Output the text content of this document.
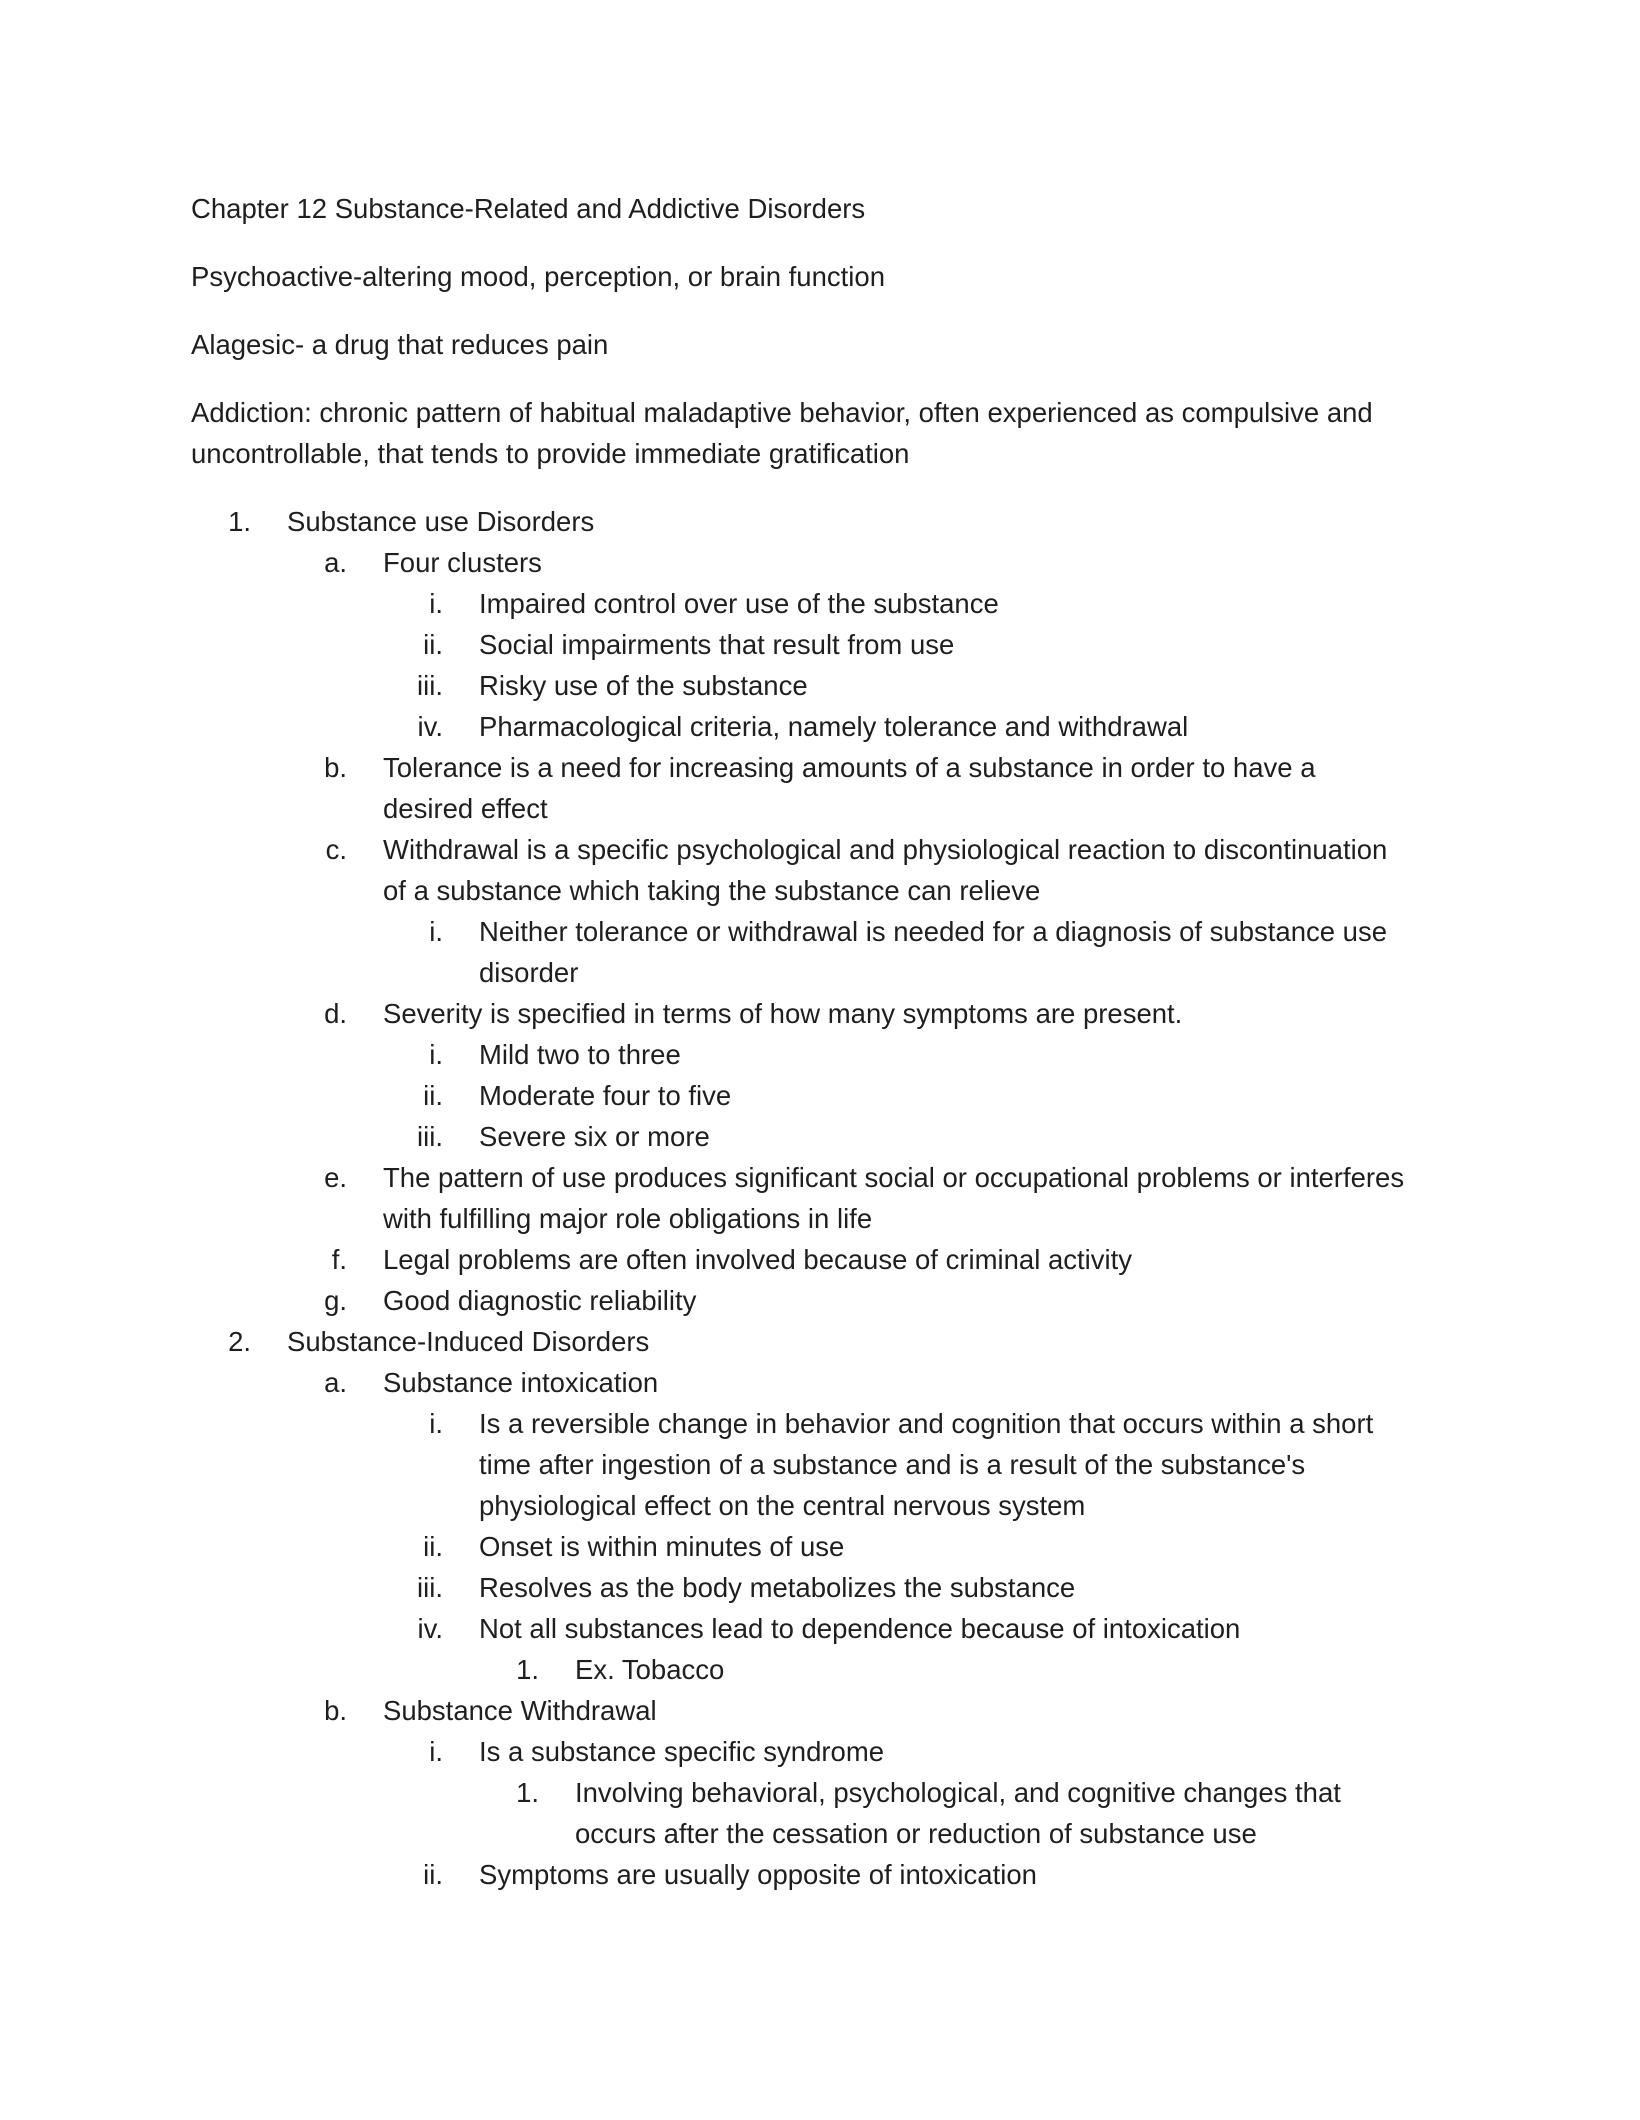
Chapter 12 Substance-Related and Addictive Disorders

Psychoactive-altering mood, perception, or brain function

Alagesic- a drug that reduces pain

Addiction: chronic pattern of habitual maladaptive behavior, often experienced as compulsive and uncontrollable, that tends to provide immediate gratification

1. Substance use Disorders
a. Four clusters
i. Impaired control over use of the substance
ii. Social impairments that result from use
iii. Risky use of the substance
iv. Pharmacological criteria, namely tolerance and withdrawal
b. Tolerance is a need for increasing amounts of a substance in order to have a desired effect
c. Withdrawal is a specific psychological and physiological reaction to discontinuation of a substance which taking the substance can relieve
i. Neither tolerance or withdrawal is needed for a diagnosis of substance use disorder
d. Severity is specified in terms of how many symptoms are present.
i. Mild two to three
ii. Moderate four to five
iii. Severe six or more
e. The pattern of use produces significant social or occupational problems or interferes with fulfilling major role obligations in life
f. Legal problems are often involved because of criminal activity
g. Good diagnostic reliability
2. Substance-Induced Disorders
a. Substance intoxication
i. Is a reversible change in behavior and cognition that occurs within a short time after ingestion of a substance and is a result of the substance's physiological effect on the central nervous system
ii. Onset is within minutes of use
iii. Resolves as the body metabolizes the substance
iv. Not all substances lead to dependence because of intoxication
1. Ex. Tobacco
b. Substance Withdrawal
i. Is a substance specific syndrome
1. Involving behavioral, psychological, and cognitive changes that occurs after the cessation or reduction of substance use
ii. Symptoms are usually opposite of intoxication
